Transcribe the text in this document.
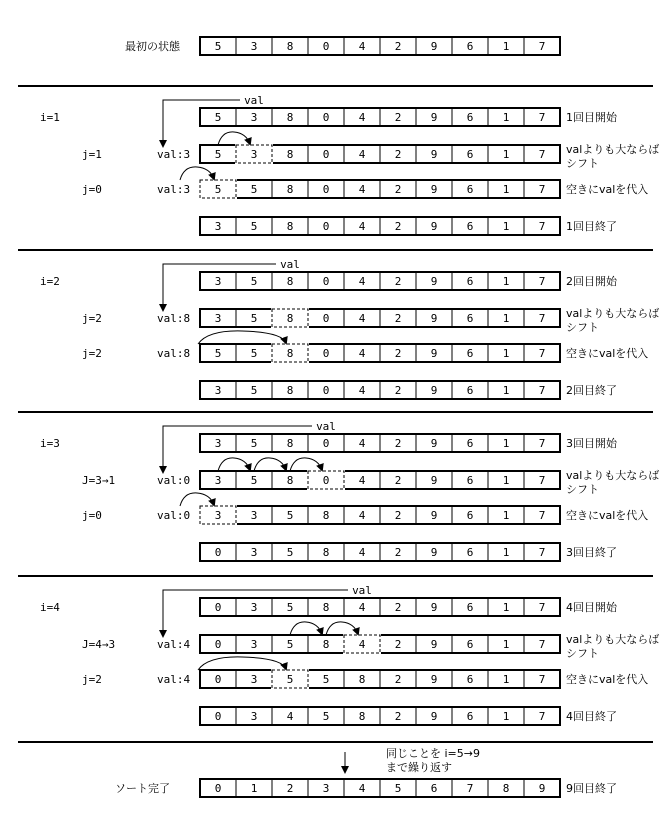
最初の状態	5	3	8	0	4	2	9	6	1	7
i=1
val
5	3	8	0	4	2	9	6	1	7 1回目開始
j=1	val:3 5	3	8	0	4	2	9	6	1	7 valよりも大ならば
シフト
j=0	val:3 5	5	8	0	4	2	9	6	1	7 空きにvalを代入
3	5	8	0	4	2	9	6	1	7 1回目終了
i=2
val
3	5	8	0	4	2	9	6	1	7 2回目開始
j=2	val:8 3	5	8	0	4	2	9	6	1	7 valよりも大ならば
シフト
j=2	val:8 5	5	8	0	4	2	9	6	1	7 空きにvalを代入
3	5	8	0	4	2	9	6	1	7 2回目終了
i=3
val
3	5	8	0	4	2	9	6	1	7 3回目開始
J=3→1	val:0 3	5	8	0	4	2	9	6	1	7 valよりも大ならば
シフト
j=0	val:0 3	3	5	8	4	2	9	6	1	7 空きにvalを代入
0	3	5	8	4	2	9	6	1	7 3回目終了
i=4
val
0	3	5	8	4	2	9	6	1	7 4回目開始
J=4→3	val:4 0	3	5	8	4	2	9	6	1	7 valよりも大ならば
シフト
j=2	val:4 0	3	5	5	8	2	9	6	1	7 空きにvalを代入
0	3	4	5	8	2	9	6	1	7 4回目終了
同じことを i=5→9
まで繰り返す
ソート完了	0	1	2	3	4	5	6	7	8	9 9回目終了
